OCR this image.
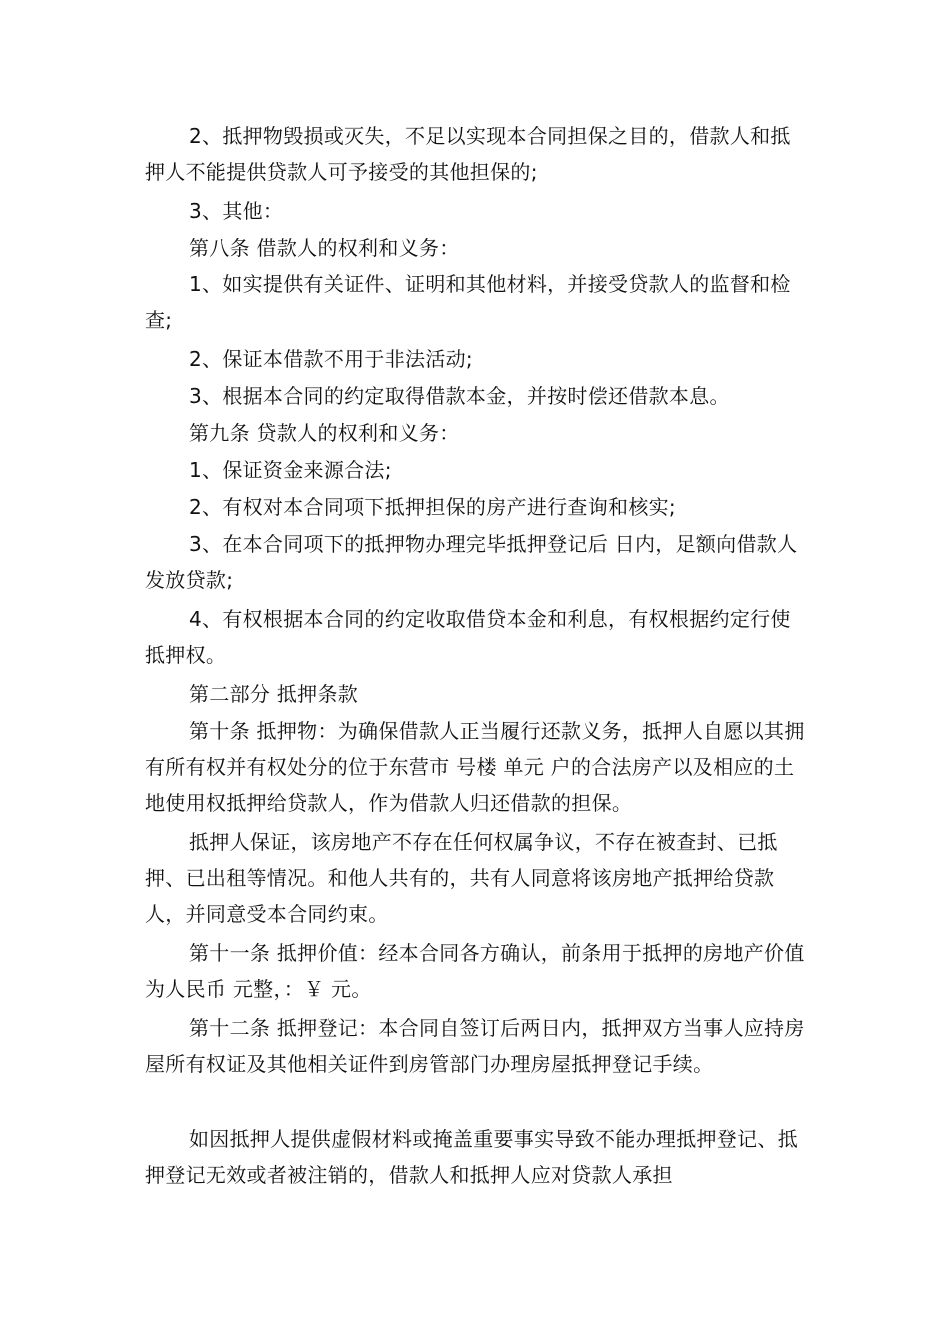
2、抵押物毁损或灭失，不足以实现本合同担保之目的，借款人和抵押人不能提供贷款人可予接受的其他担保的;

3、其他：

第八条 借款人的权利和义务：

1、如实提供有关证件、证明和其他材料，并接受贷款人的监督和检查;

2、保证本借款不用于非法活动;

3、根据本合同的约定取得借款本金，并按时偿还借款本息。

第九条 贷款人的权利和义务：

1、保证资金来源合法;

2、有权对本合同项下抵押担保的房产进行查询和核实;

3、在本合同项下的抵押物办理完毕抵押登记后 日内，足额向借款人发放贷款;

4、有权根据本合同的约定收取借贷本金和利息，有权根据约定行使抵押权。

第二部分 抵押条款

第十条 抵押物：为确保借款人正当履行还款义务，抵押人自愿以其拥有所有权并有权处分的位于东营市 号楼 单元 户的合法房产以及相应的土地使用权抵押给贷款人，作为借款人归还借款的担保。

抵押人保证，该房地产不存在任何权属争议，不存在被查封、已抵押、已出租等情况。和他人共有的，共有人同意将该房地产抵押给贷款人，并同意受本合同约束。

第十一条 抵押价值：经本合同各方确认，前条用于抵押的房地产价值为人民币 元整，：￥ 元。

第十二条 抵押登记：本合同自签订后两日内，抵押双方当事人应持房屋所有权证及其他相关证件到房管部门办理房屋抵押登记手续。

如因抵押人提供虚假材料或掩盖重要事实导致不能办理抵押登记、抵押登记无效或者被注销的，借款人和抵押人应对贷款人承担
